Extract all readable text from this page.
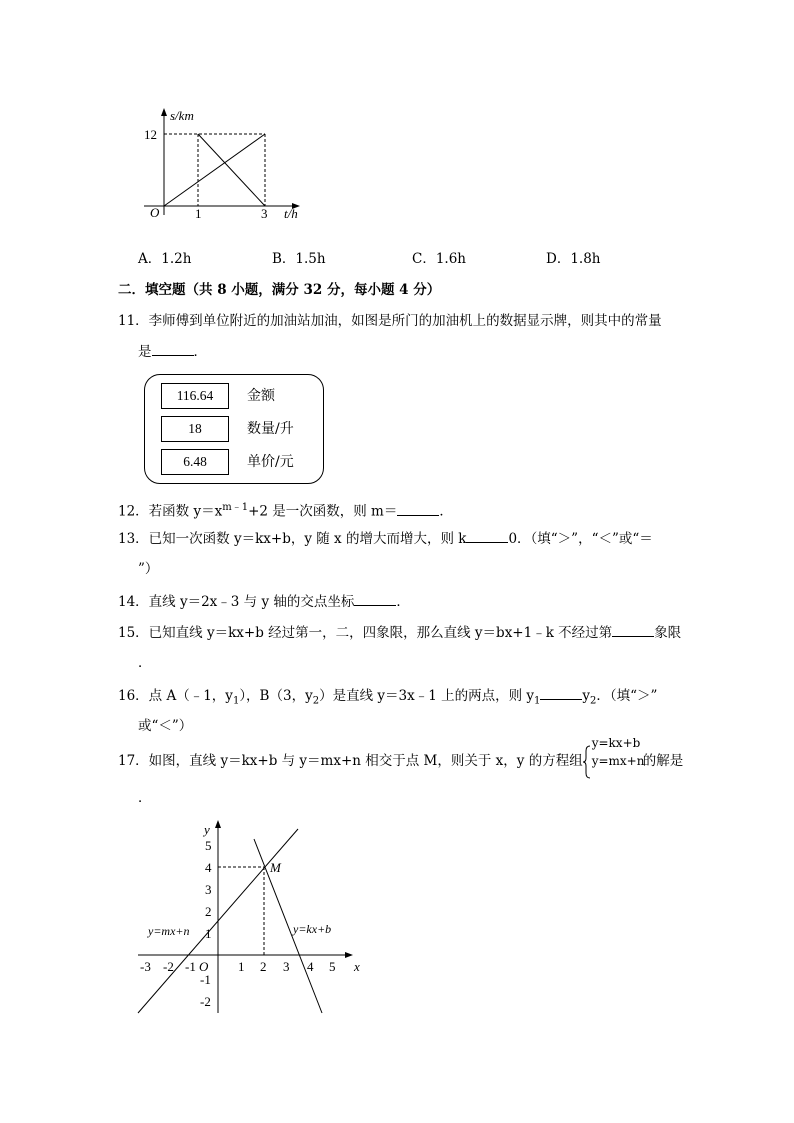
s/km
12
O	1	3 t/h
A．1.2h	B．1.5h	C．1.6h	D．1.8h
二．填空题（共 8 小题，满分 32 分，每小题 4 分）
11．李师傅到单位附近的加油站加油，如图是所门的加油机上的数据显示牌，则其中的常量
是	．
116.64	金额
18	数量/升
6.48	单价/元
12．若函数 $y=x^{m﹣1}+2$ 是一次函数，则 m＝	．
13．已知一次函数 y＝kx+b，y 随 x 的增大而增大，则 k	0．（填“＞”，“＜”或“＝
”）
14．直线 y＝2x﹣3 与 y 轴的交点坐标	．
15．已知直线 y＝kx+b 经过第一，二，四象限，那么直线 y＝bx+1﹣k 不经过第	象限
．
16．点 A（﹣1，$y_1$），B（3，$y_2$）是直线 y＝3x﹣1 上的两点，则 $y_1$	$y_2$．（填“＞”
或“＜”）
17．如图，直线 y＝kx+b 与 y＝mx+n 相交于点 M，则关于 x，y 的方程组
y=kx+b
y=mx+n
的解是
．
5
4
3
2
1
-1
-2
-3 -2 -1 O 1 2 3 4 5
y
x
M
y=mx+n	y=kx+b
